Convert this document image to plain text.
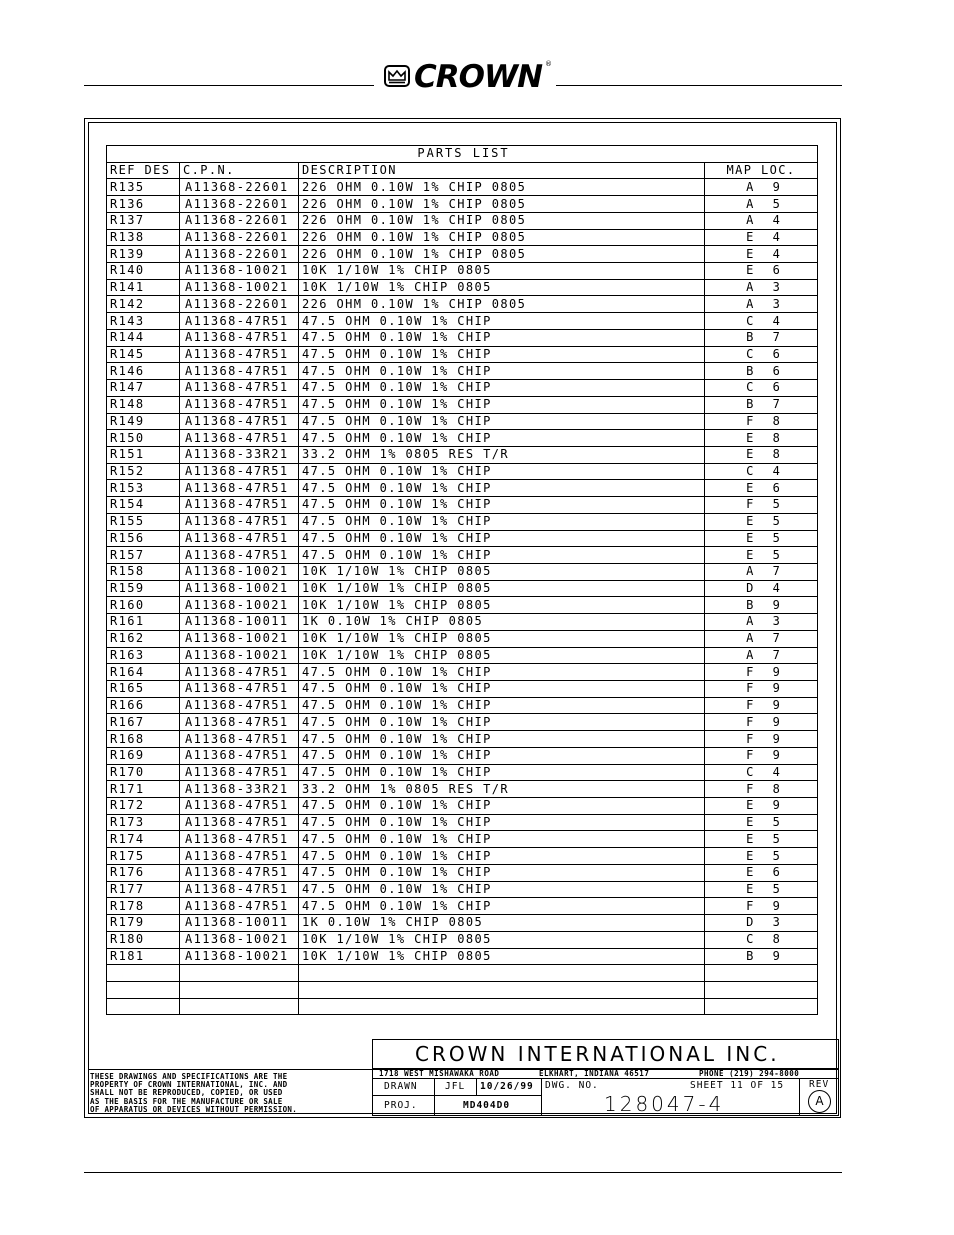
CROWN ®
PARTS LIST			
REF DES	C.P.N.	DESCRIPTION	MAP LOC.
R135	A11368-22601	226 OHM 0.10W 1% CHIP 0805	A 9
R136	A11368-22601	226 OHM 0.10W 1% CHIP 0805	A 5
R137	A11368-22601	226 OHM 0.10W 1% CHIP 0805	A 4
R138	A11368-22601	226 OHM 0.10W 1% CHIP 0805	E 4
R139	A11368-22601	226 OHM 0.10W 1% CHIP 0805	E 4
R140	A11368-10021	10K 1/10W 1% CHIP 0805	E 6
R141	A11368-10021	10K 1/10W 1% CHIP 0805	A 3
R142	A11368-22601	226 OHM 0.10W 1% CHIP 0805	A 3
R143	A11368-47R51	47.5 OHM 0.10W 1% CHIP	C 4
R144	A11368-47R51	47.5 OHM 0.10W 1% CHIP	B 7
R145	A11368-47R51	47.5 OHM 0.10W 1% CHIP	C 6
R146	A11368-47R51	47.5 OHM 0.10W 1% CHIP	B 6
R147	A11368-47R51	47.5 OHM 0.10W 1% CHIP	C 6
R148	A11368-47R51	47.5 OHM 0.10W 1% CHIP	B 7
R149	A11368-47R51	47.5 OHM 0.10W 1% CHIP	F 8
R150	A11368-47R51	47.5 OHM 0.10W 1% CHIP	E 8
R151	A11368-33R21	33.2 OHM 1% 0805 RES T/R	E 8
R152	A11368-47R51	47.5 OHM 0.10W 1% CHIP	C 4
R153	A11368-47R51	47.5 OHM 0.10W 1% CHIP	E 6
R154	A11368-47R51	47.5 OHM 0.10W 1% CHIP	F 5
R155	A11368-47R51	47.5 OHM 0.10W 1% CHIP	E 5
R156	A11368-47R51	47.5 OHM 0.10W 1% CHIP	E 5
R157	A11368-47R51	47.5 OHM 0.10W 1% CHIP	E 5
R158	A11368-10021	10K 1/10W 1% CHIP 0805	A 7
R159	A11368-10021	10K 1/10W 1% CHIP 0805	D 4
R160	A11368-10021	10K 1/10W 1% CHIP 0805	B 9
R161	A11368-10011	1K 0.10W 1% CHIP 0805	A 3
R162	A11368-10021	10K 1/10W 1% CHIP 0805	A 7
R163	A11368-10021	10K 1/10W 1% CHIP 0805	A 7
R164	A11368-47R51	47.5 OHM 0.10W 1% CHIP	F 9
R165	A11368-47R51	47.5 OHM 0.10W 1% CHIP	F 9
R166	A11368-47R51	47.5 OHM 0.10W 1% CHIP	F 9
R167	A11368-47R51	47.5 OHM 0.10W 1% CHIP	F 9
R168	A11368-47R51	47.5 OHM 0.10W 1% CHIP	F 9
R169	A11368-47R51	47.5 OHM 0.10W 1% CHIP	F 9
R170	A11368-47R51	47.5 OHM 0.10W 1% CHIP	C 4
R171	A11368-33R21	33.2 OHM 1% 0805 RES T/R	F 8
R172	A11368-47R51	47.5 OHM 0.10W 1% CHIP	E 9
R173	A11368-47R51	47.5 OHM 0.10W 1% CHIP	E 5
R174	A11368-47R51	47.5 OHM 0.10W 1% CHIP	E 5
R175	A11368-47R51	47.5 OHM 0.10W 1% CHIP	E 5
R176	A11368-47R51	47.5 OHM 0.10W 1% CHIP	E 6
R177	A11368-47R51	47.5 OHM 0.10W 1% CHIP	E 5
R178	A11368-47R51	47.5 OHM 0.10W 1% CHIP	F 9
R179	A11368-10011	1K 0.10W 1% CHIP 0805	D 3
R180	A11368-10021	10K 1/10W 1% CHIP 0805	C 8
R181	A11368-10021	10K 1/10W 1% CHIP 0805	B 9

CROWN INTERNATIONAL INC.
1718 WEST MISHAWAKA ROAD	ELKHART, INDIANA 46517	PHONE (219) 294-8000
DRAWN	JFL 10/26/99 DWG. NO.	SHEET 11 OF 15
128047-4
REV
A
PROJ.	MD404D0
THESE DRAWINGS AND SPECIFICATIONS ARE THE
PROPERTY OF CROWN INTERNATIONAL, INC. AND
SHALL NOT BE REPRODUCED, COPIED, OR USED
AS THE BASIS FOR THE MANUFACTURE OR SALE
OF APPARATUS OR DEVICES WITHOUT PERMISSION.
